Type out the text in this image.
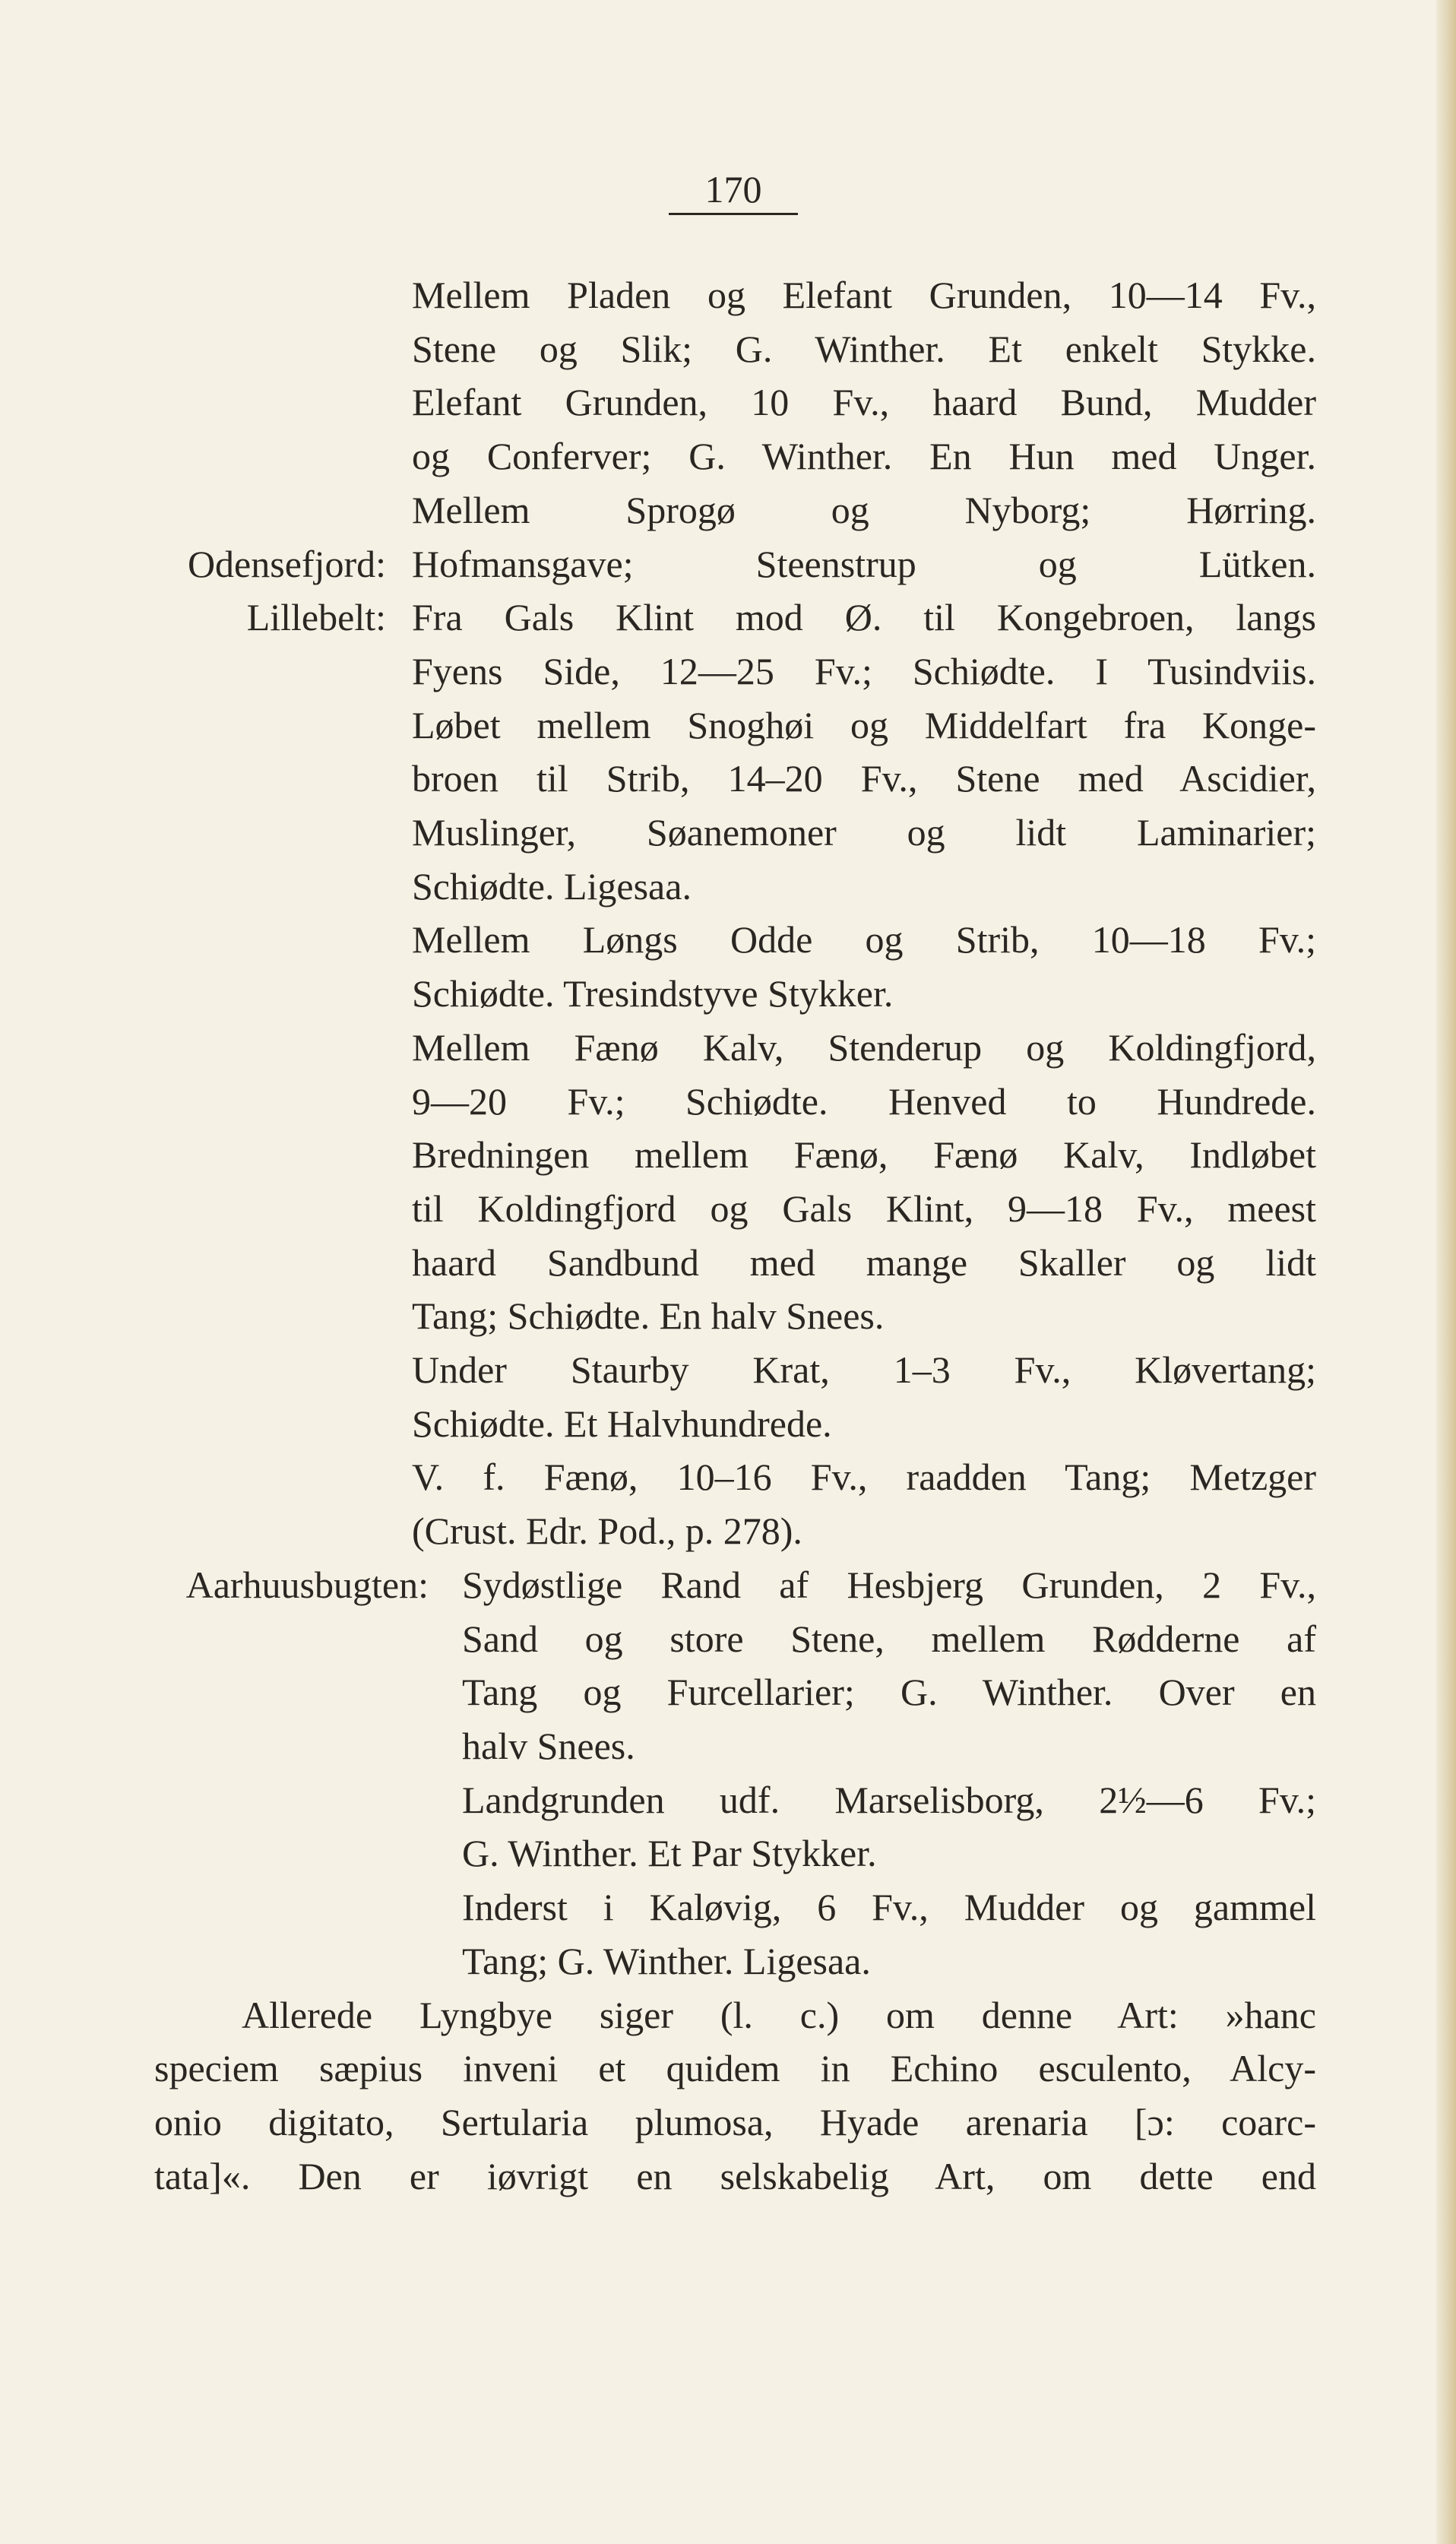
170
Odensefjord:
Lillebelt:
Aarhuusbugten:
Mellem Pladen og Elefant Grunden, 10—14 Fv.,
Stene og Slik; G. Winther. Et enkelt Stykke.
Elefant Grunden, 10 Fv., haard Bund, Mudder
og Conferver; G. Winther. En Hun med Unger.
Mellem Sprogø og Nyborg; Hørring.
Hofmansgave; Steenstrup og Lütken.
Fra Gals Klint mod Ø. til Kongebroen, langs
Fyens Side, 12—25 Fv.; Schiødte. I Tusindviis.
Løbet mellem Snoghøi og Middelfart fra Konge-
broen til Strib, 14–20 Fv., Stene med Ascidier,
Muslinger, Søanemoner og lidt Laminarier;
Schiødte. Ligesaa.
Mellem Løngs Odde og Strib, 10—18 Fv.;
Schiødte. Tresindstyve Stykker.
Mellem Fænø Kalv, Stenderup og Koldingfjord,
9—20 Fv.; Schiødte. Henved to Hundrede.
Bredningen mellem Fænø, Fænø Kalv, Indløbet
til Koldingfjord og Gals Klint, 9—18 Fv., meest
haard Sandbund med mange Skaller og lidt
Tang; Schiødte. En halv Snees.
Under Staurby Krat, 1–3 Fv., Kløvertang;
Schiødte. Et Halvhundrede.
V. f. Fænø, 10–16 Fv., raadden Tang; Metzger
(Crust. Edr. Pod., p. 278).
Sydøstlige Rand af Hesbjerg Grunden, 2 Fv.,
Sand og store Stene, mellem Rødderne af
Tang og Furcellarier; G. Winther. Over en
halv Snees.
Landgrunden udf. Marselisborg, 2½—6 Fv.;
G. Winther. Et Par Stykker.
Inderst i Kaløvig, 6 Fv., Mudder og gammel
Tang; G. Winther. Ligesaa.
Allerede Lyngbye siger (l. c.) om denne Art: »hanc
speciem sæpius inveni et quidem in Echino esculento, Alcy-
onio digitato, Sertularia plumosa, Hyade arenaria [ɔ: coarc-
tata]«. Den er iøvrigt en selskabelig Art, om dette end
